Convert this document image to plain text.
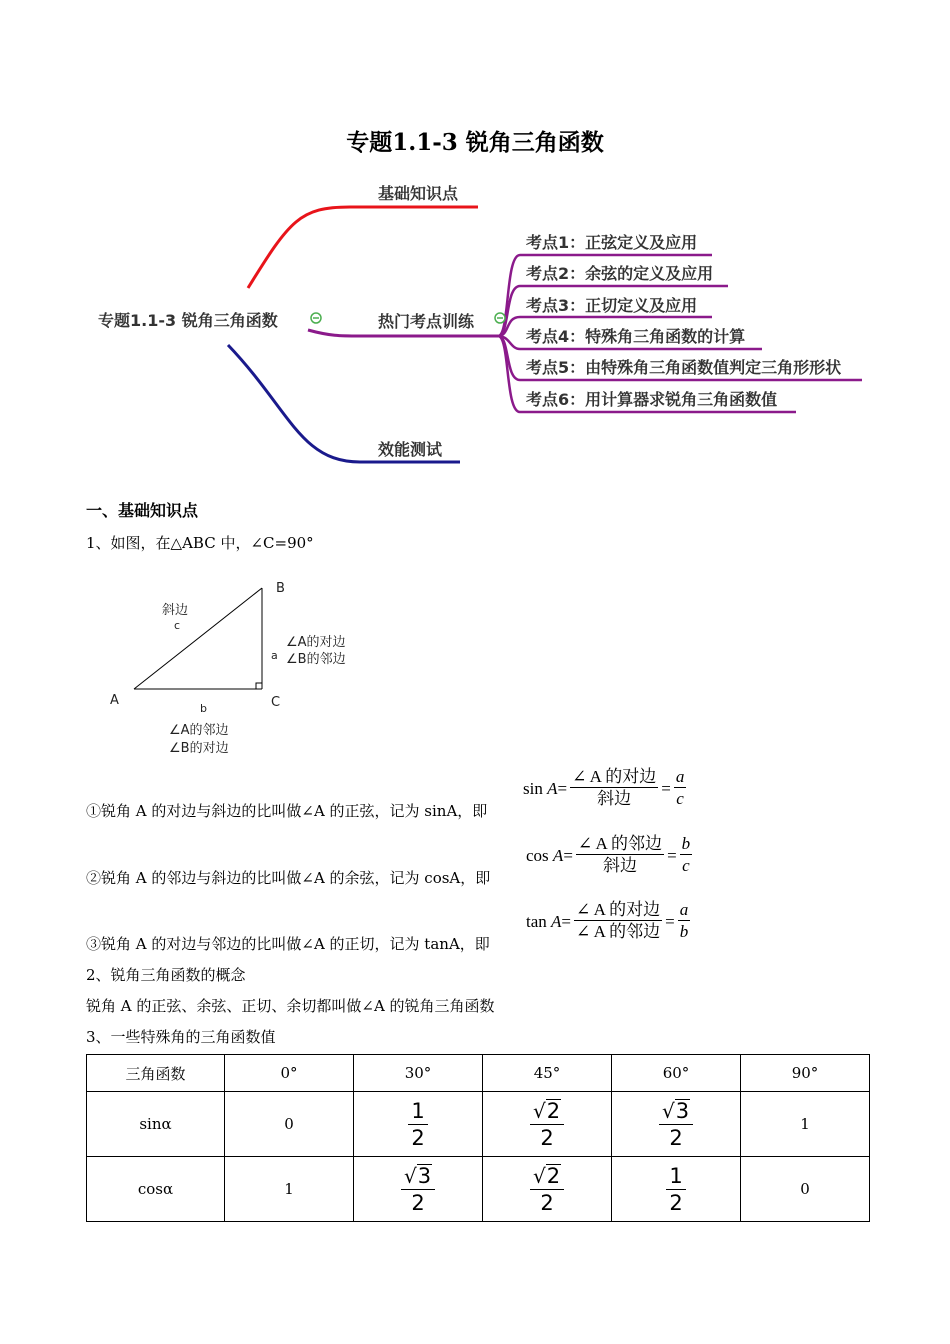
专题1.1-3 锐角三角函数
专题1.1-3 锐角三角函数
基础知识点
热门考点训练
效能测试
考点1：正弦定义及应用
考点2：余弦的定义及应用
考点3：正切定义及应用
考点4：特殊角三角函数的计算
考点5：由特殊角三角函数值判定三角形形状
考点6：用计算器求锐角三角函数值
一、基础知识点
1、如图，在△ABC 中，∠C=90°
斜边
c
B
A	C
a
b
∠A的对边
∠B的邻边
∠A的邻边
∠B的对边
①锐角 A 的对边与斜边的比叫做∠A 的正弦，记为 sinA，即
sin
$A = \frac{\text{∠ A 的对边}}{\text{斜边}} = \frac{a}{c}$
②锐角 A 的邻边与斜边的比叫做∠A 的余弦，记为 cosA，即
cos
$A = \frac{\text{∠ A 的邻边}}{\text{斜边}} = \frac{b}{c}$
③锐角 A 的对边与邻边的比叫做∠A 的正切，记为 tanA，即
tan
$A = \frac{\text{∠ A 的对边}}{\text{∠ A 的邻边}} = \frac{a}{b}$
2、锐角三角函数的概念
锐角 A 的正弦、余弦、正切、余切都叫做∠A 的锐角三角函数
3、一些特殊角的三角函数值
三角函数	0°	30°	45°	60°	90°
sinα	0	$\frac{1}{2}$	$\frac{√ 2}{2}$	$\frac{√ 3}{2}$	1
cosα	1	$\frac{√ 3}{2}$	$\frac{√ 2}{2}$	$\frac{1}{2}$	0
